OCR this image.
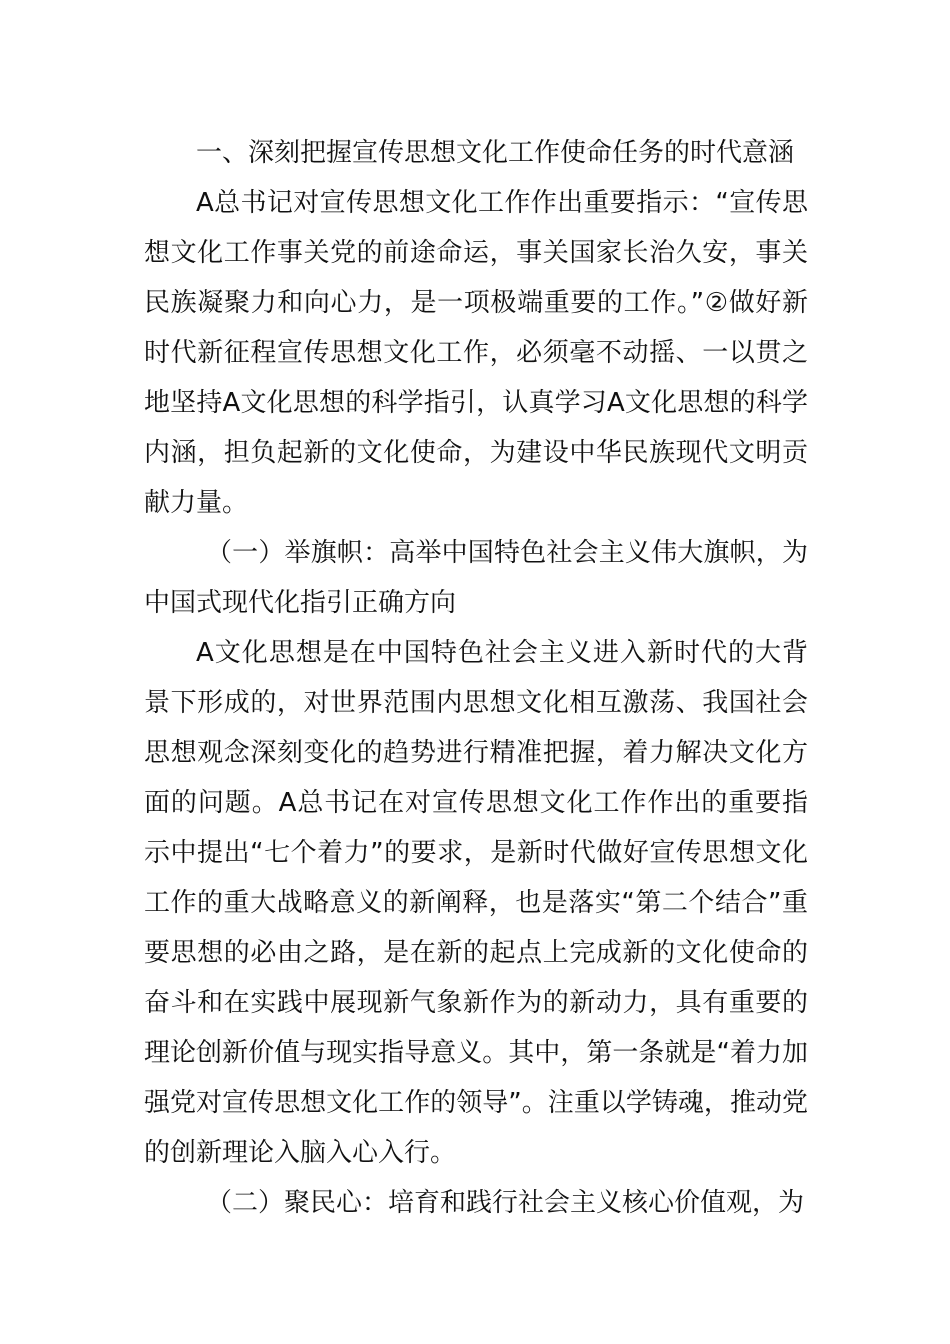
一、深刻把握宣传思想文化工作使命任务的时代意涵

A总书记对宣传思想文化工作作出重要指示：“宣传思想文化工作事关党的前途命运，事关国家长治久安，事关民族凝聚力和向心力，是一项极端重要的工作。”②做好新时代新征程宣传思想文化工作，必须毫不动摇、一以贯之地坚持A文化思想的科学指引，认真学习A文化思想的科学内涵，担负起新的文化使命，为建设中华民族现代文明贡献力量。

（一）举旗帜：高举中国特色社会主义伟大旗帜，为中国式现代化指引正确方向

A文化思想是在中国特色社会主义进入新时代的大背景下形成的，对世界范围内思想文化相互激荡、我国社会思想观念深刻变化的趋势进行精准把握，着力解决文化方面的问题。A总书记在对宣传思想文化工作作出的重要指示中提出“七个着力”的要求，是新时代做好宣传思想文化工作的重大战略意义的新阐释，也是落实“第二个结合”重要思想的必由之路，是在新的起点上完成新的文化使命的奋斗和在实践中展现新气象新作为的新动力，具有重要的理论创新价值与现实指导意义。其中，第一条就是“着力加强党对宣传思想文化工作的领导”。注重以学铸魂，推动党的创新理论入脑入心入行。

（二）聚民心：培育和践行社会主义核心价值观，为
